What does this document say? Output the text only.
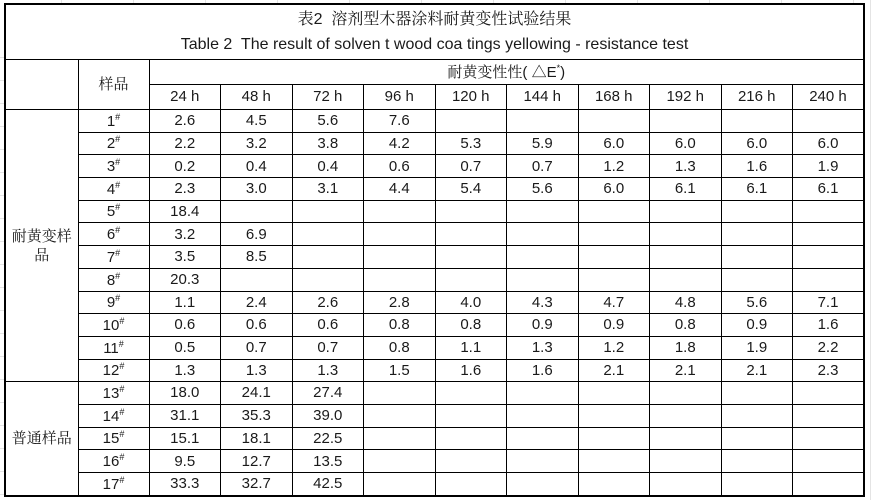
表2  溶剂型木器涂料耐黄变性试验结果
Table 2  The result of solven t wood coa tings yellowing - resistance test											

	样品	耐黄变性性( △E*)									
		24 h	48 h	72 h	96 h	120 h	144 h	168 h	192 h	216 h	240 h

耐黄变样
品	1#	2.6	4.5	5.6	7.6						
	2#	2.2	3.2	3.8	4.2	5.3	5.9	6.0	6.0	6.0	6.0
	3#	0.2	0.4	0.4	0.6	0.7	0.7	1.2	1.3	1.6	1.9
	4#	2.3	3.0	3.1	4.4	5.4	5.6	6.0	6.1	6.1	6.1
	5#	18.4									
	6#	3.2	6.9								
	7#	3.5	8.5								
	8#	20.3									
	9#	1.1	2.4	2.6	2.8	4.0	4.3	4.7	4.8	5.6	7.1
	10#	0.6	0.6	0.6	0.8	0.8	0.9	0.9	0.8	0.9	1.6
	11#	0.5	0.7	0.7	0.8	1.1	1.3	1.2	1.8	1.9	2.2
	12#	1.3	1.3	1.3	1.5	1.6	1.6	2.1	2.1	2.1	2.3

普通样品	13#	18.0	24.1	27.4							
	14#	31.1	35.3	39.0							
	15#	15.1	18.1	22.5							
	16#	9.5	12.7	13.5							
	17#	33.3	32.7	42.5							
